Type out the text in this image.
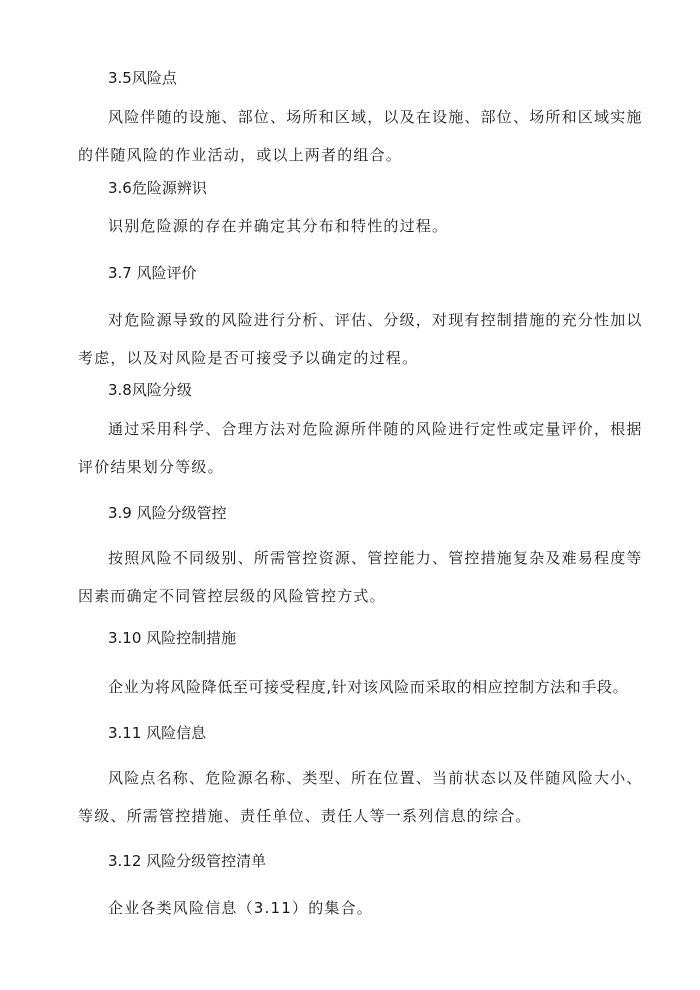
3.5风险点
风险伴随的设施、部位、场所和区域，以及在设施、部位、场所和区域实施
的伴随风险的作业活动，或以上两者的组合。
3.6危险源辨识
识别危险源的存在并确定其分布和特性的过程。
3.7 风险评价
对危险源导致的风险进行分析、评估、分级，对现有控制措施的充分性加以
考虑，以及对风险是否可接受予以确定的过程。
3.8风险分级
通过采用科学、合理方法对危险源所伴随的风险进行定性或定量评价，根据
评价结果划分等级。
3.9 风险分级管控
按照风险不同级别、所需管控资源、管控能力、管控措施复杂及难易程度等
因素而确定不同管控层级的风险管控方式。
3.10 风险控制措施
企业为将风险降低至可接受程度,针对该风险而采取的相应控制方法和手段。
3.11 风险信息
风险点名称、危险源名称、类型、所在位置、当前状态以及伴随风险大小、
等级、所需管控措施、责任单位、责任人等一系列信息的综合。
3.12 风险分级管控清单
企业各类风险信息（3.11）的集合。
